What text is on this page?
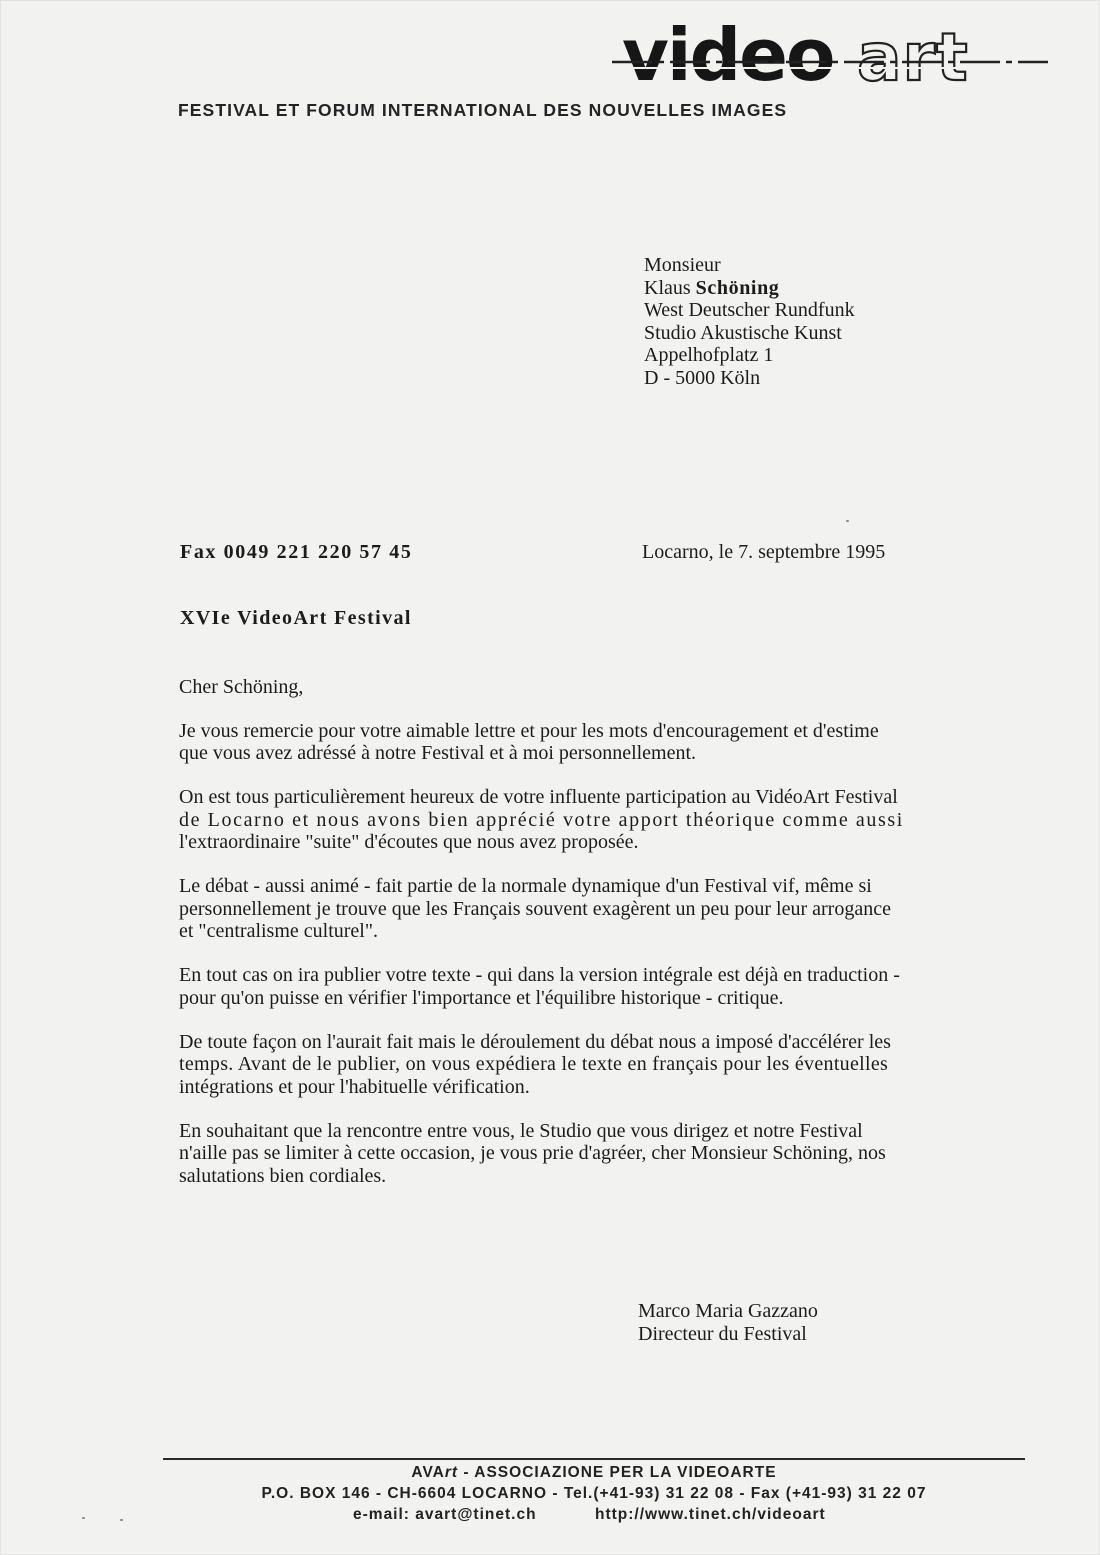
video art
FESTIVAL ET FORUM INTERNATIONAL DES NOUVELLES IMAGES
Monsieur
Klaus Schöning
West Deutscher Rundfunk
Studio Akustische Kunst
Appelhofplatz 1
D - 5000 Köln
Fax 0049 221 220 57 45	Locarno, le 7. septembre 1995
XVIe VideoArt Festival
Cher Schöning,
Je vous remercie pour votre aimable lettre et pour les mots d'encouragement et d'estime
que vous avez adréssé à notre Festival et à moi personnellement.
On est tous particulièrement heureux de votre influente participation au VidéoArt Festival
de Locarno et nous avons bien apprécié votre apport théorique comme aussi
l'extraordinaire "suite" d'écoutes que nous avez proposée.
Le débat - aussi animé - fait partie de la normale dynamique d'un Festival vif, même si
personnellement je trouve que les Français souvent exagèrent un peu pour leur arrogance
et "centralisme culturel".
En tout cas on ira publier votre texte - qui dans la version intégrale est déjà en traduction -
pour qu'on puisse en vérifier l'importance et l'équilibre historique - critique.
De toute façon on l'aurait fait mais le déroulement du débat nous a imposé d'accélérer les
temps. Avant de le publier, on vous expédiera le texte en français pour les éventuelles
intégrations et pour l'habituelle vérification.
En souhaitant que la rencontre entre vous, le Studio que vous dirigez et notre Festival
n'aille pas se limiter à cette occasion, je vous prie d'agréer, cher Monsieur Schöning, nos
salutations bien cordiales.
Marco Maria Gazzano
Directeur du Festival
AVArt - ASSOCIAZIONE PER LA VIDEOARTE
P.O. BOX 146 - CH-6604 LOCARNO - Tel.(+41-93) 31 22 08 - Fax (+41-93) 31 22 07
e-mail: avart@tinet.ch	http://www.tinet.ch/videoart
